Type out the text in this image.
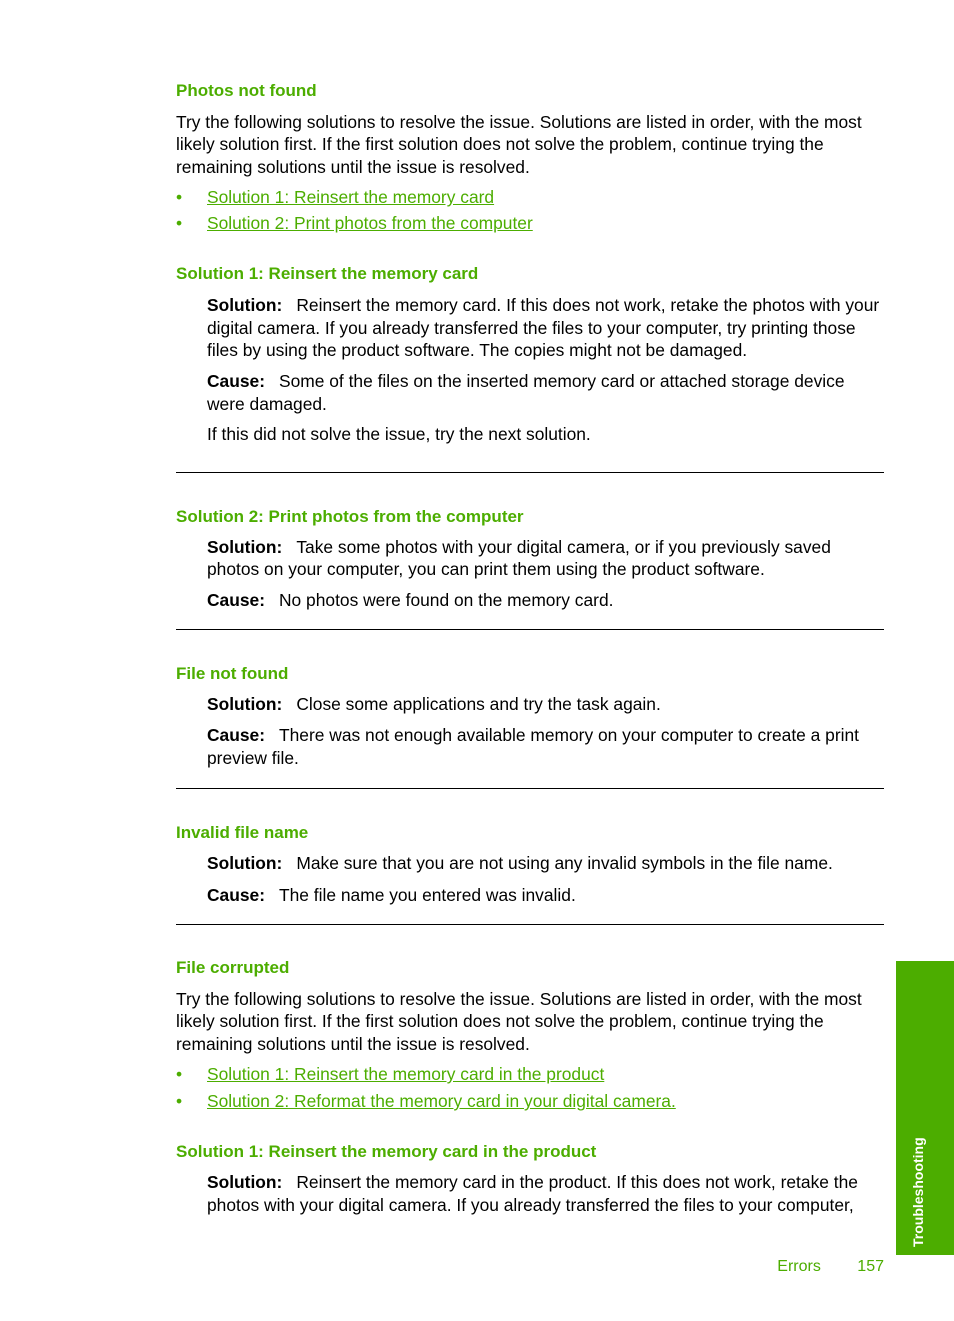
Photos not found

Try the following solutions to resolve the issue. Solutions are listed in order, with the most likely solution first. If the first solution does not solve the problem, continue trying the remaining solutions until the issue is resolved.

• Solution 1: Reinsert the memory card
• Solution 2: Print photos from the computer
Solution 1: Reinsert the memory card

Solution: Reinsert the memory card. If this does not work, retake the photos with your digital camera. If you already transferred the files to your computer, try printing those files by using the product software. The copies might not be damaged.

Cause: Some of the files on the inserted memory card or attached storage device were damaged.

If this did not solve the issue, try the next solution.

Solution 2: Print photos from the computer

Solution: Take some photos with your digital camera, or if you previously saved photos on your computer, you can print them using the product software.

Cause: No photos were found on the memory card.

File not found

Solution: Close some applications and try the task again.

Cause: There was not enough available memory on your computer to create a print preview file.

Invalid file name

Solution: Make sure that you are not using any invalid symbols in the file name.

Cause: The file name you entered was invalid.

File corrupted

Try the following solutions to resolve the issue. Solutions are listed in order, with the most likely solution first. If the first solution does not solve the problem, continue trying the remaining solutions until the issue is resolved.

• Solution 1: Reinsert the memory card in the product
• Solution 2: Reformat the memory card in your digital camera.
Solution 1: Reinsert the memory card in the product

Solution: Reinsert the memory card in the product. If this does not work, retake the photos with your digital camera. If you already transferred the files to your computer,	Troubleshooting
Errors 157
